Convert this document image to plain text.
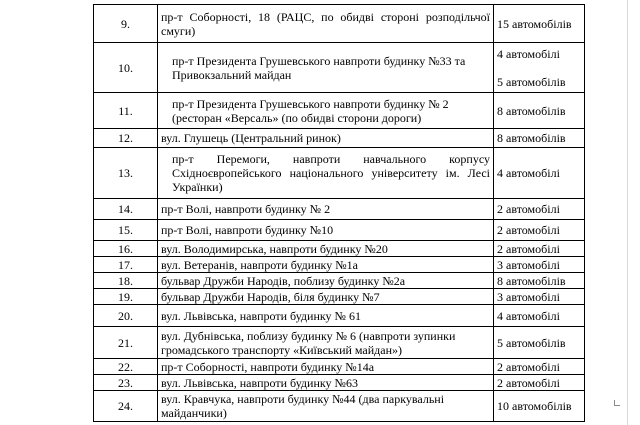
9.	пр-т Соборності, 18 (РАЦС, по обидві стороні розподільчої смуги)	15 автомобілів

10.	пр-т Президента Грушевського навпроти будинку №33 та Привокзальний майдан	4 автомобілі
5 автомобілів

11.	пр-т Президента Грушевського навпроти будинку № 2 (ресторан «Версаль» (по обидві сторони дороги)	8 автомобілів

12.	вул. Глушець (Центральний ринок)	8 автомобілів

13.	пр-т Перемоги, навпроти навчального корпусу Східноєвропейського національного університету ім. Лесі Українки)	4 автомобілі

14.	пр-т Волі, навпроти будинку № 2	2 автомобілі

15.	пр-т Волі, навпроти будинку №10	2 автомобілі

16.	вул. Володимирська, навпроти будинку №20	2 автомобілі

17.	вул. Ветеранів, навпроти будинку №1а	3 автомобілі

18.	бульвар Дружби Народів, поблизу будинку №2а	8 автомобілів

19.	бульвар Дружби Народів, біля будинку №7	3 автомобілі

20.	вул. Львівська, навпроти будинку № 61	4 автомобілі

21.	вул. Дубнівська, поблизу будинку № 6 (навпроти зупинки громадського транспорту «Київський майдан»)	5 автомобілів

22.	пр-т Соборності, навпроти будинку №14а	2 автомобілі

23.	вул. Львівська, навпроти будинку №63	2 автомобілі

24.	вул. Кравчука, навпроти будинку №44 (два паркувальні майданчики)	10 автомобілів
